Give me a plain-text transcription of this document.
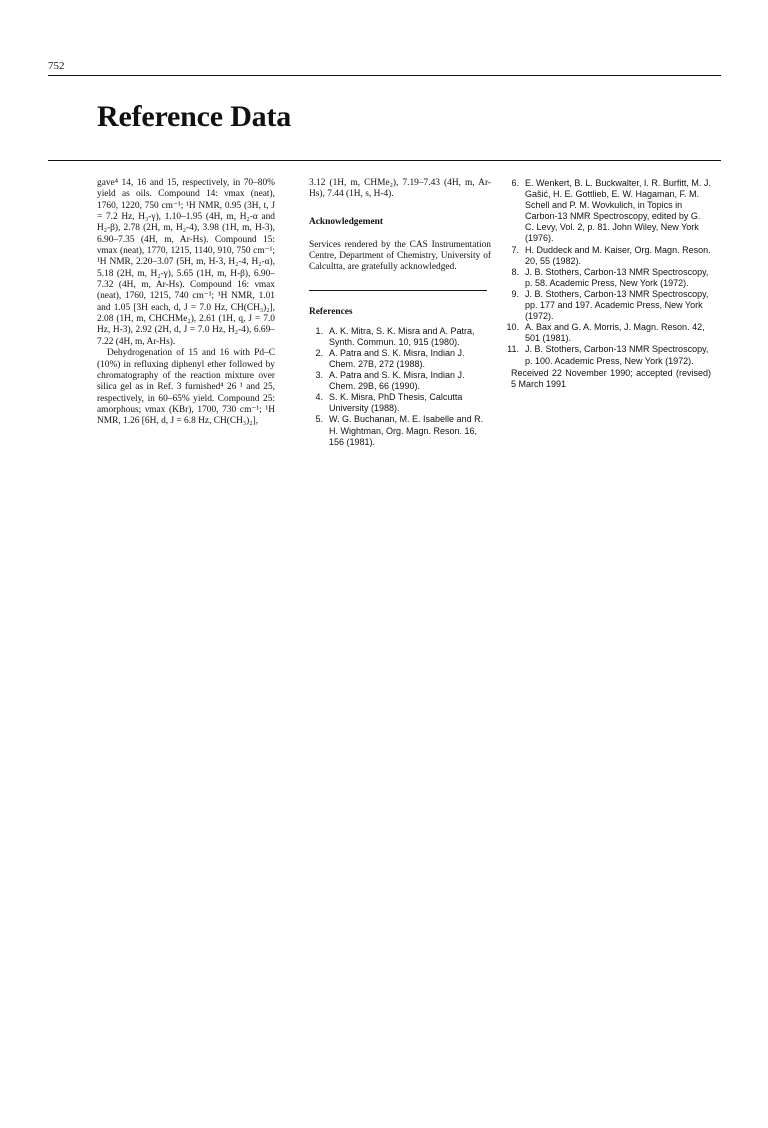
752
Reference Data

gave⁴ 14, 16 and 15, respectively, in 70–80% yield as oils. Compound 14: νmax (neat), 1760, 1220, 750 cm⁻¹; ¹H NMR, 0.95 (3H, t, J = 7.2 Hz, H₃-γ), 1.10–1.95 (4H, m, H₂-α and H₂-β), 2.78 (2H, m, H₂-4), 3.98 (1H, m, H-3), 6.90–7.35 (4H, m, Ar-Hs). Compound 15: νmax (neat), 1770, 1215, 1140, 910, 750 cm⁻¹; ¹H NMR, 2.20–3.07 (5H, m, H-3, H₂-4, H₂-α), 5.18 (2H, m, H₂-γ), 5.65 (1H, m, H-β), 6.90–7.32 (4H, m, Ar-Hs). Compound 16: νmax (neat), 1760, 1215, 740 cm⁻¹; ¹H NMR, 1.01 and 1.05 [3H each, d, J = 7.0 Hz, CH(CH₃)₂], 2.08 (1H, m, CHCHMe₂), 2.61 (1H, q, J = 7.0 Hz, H-3), 2.92 (2H, d, J = 7.0 Hz, H₂-4), 6.69–7.22 (4H, m, Ar-Hs).

Dehydrogenation of 15 and 16 with Pd–C (10%) in refluxing diphenyl ether followed by chromatography of the reaction mixture over silica gel as in Ref. 3 furnished⁴ 26 ¹ and 25, respectively, in 60–65% yield. Compound 25: amorphous; νmax (KBr), 1700, 730 cm⁻¹; ¹H NMR, 1.26 [6H, d, J = 6.8 Hz, CH(CH₃)₂],

3.12 (1H, m, CHMe₂), 7.19–7.43 (4H, m, Ar-Hs), 7.44 (1H, s, H-4).

Acknowledgement

Services rendered by the CAS Instrumentation Centre, Department of Chemistry, University of Calcultta, are gratefully acknowledged.

References

1. A. K. Mitra, S. K. Misra and A. Patra, Synth. Commun. 10, 915 (1980).
2. A. Patra and S. K. Misra, Indian J. Chem. 27B, 272 (1988).
3. A. Patra and S. K. Misra, Indian J. Chem. 29B, 66 (1990).
4. S. K. Misra, PhD Thesis, Calcutta University (1988).
5. W. G. Buchanan, M. E. Isabelle and R. H. Wightman, Org. Magn. Reson. 16, 156 (1981).
6. E. Wenkert, B. L. Buckwalter, I. R. Burfitt, M. J. Gašić, H. E. Gottlieb, E. W. Hagaman, F. M. Schell and P. M. Wovkulich, in Topics in Carbon-13 NMR Spectroscopy, edited by G. C. Levy, Vol. 2, p. 81. John Wiley, New York (1976).
7. H. Duddeck and M. Kaiser, Org. Magn. Reson. 20, 55 (1982).
8. J. B. Stothers, Carbon-13 NMR Spectroscopy, p. 58. Academic Press, New York (1972).
9. J. B. Stothers, Carbon-13 NMR Spectroscopy, pp. 177 and 197. Academic Press, New York (1972).
10. A. Bax and G. A. Morris, J. Magn. Reson. 42, 501 (1981).
11. J. B. Stothers, Carbon-13 NMR Spectroscopy, p. 100. Academic Press, New York (1972).

Received 22 November 1990; accepted (revised) 5 March 1991
